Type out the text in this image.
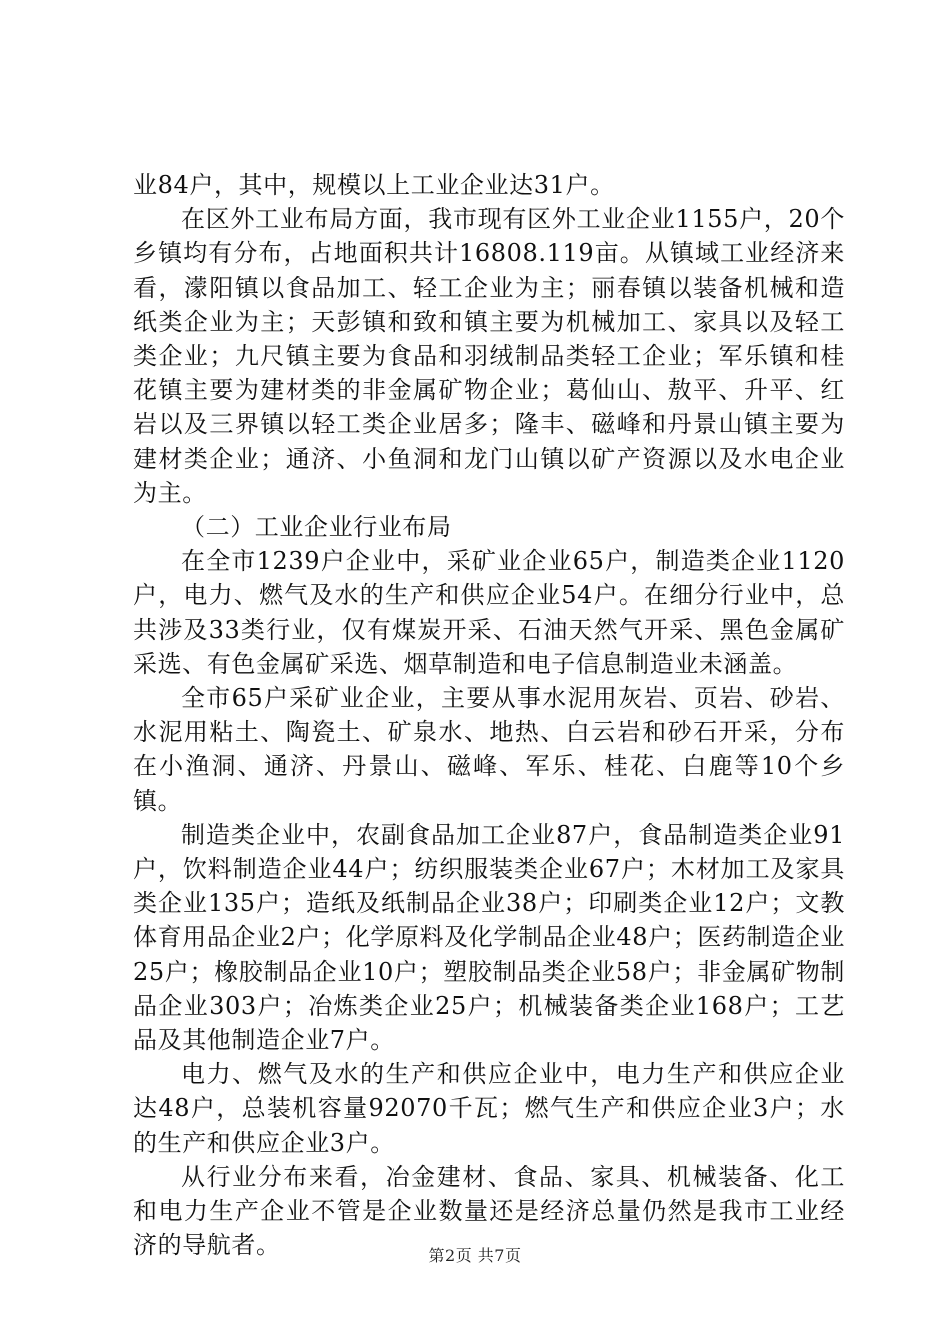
业84户，其中，规模以上工业企业达31户。

在区外工业布局方面，我市现有区外工业企业1155户，20个乡镇均有分布，占地面积共计16808.119亩。从镇域工业经济来看，濛阳镇以食品加工、轻工企业为主；丽春镇以装备机械和造纸类企业为主；天彭镇和致和镇主要为机械加工、家具以及轻工类企业；九尺镇主要为食品和羽绒制品类轻工企业；军乐镇和桂花镇主要为建材类的非金属矿物企业；葛仙山、敖平、升平、红岩以及三界镇以轻工类企业居多；隆丰、磁峰和丹景山镇主要为建材类企业；通济、小鱼洞和龙门山镇以矿产资源以及水电企业为主。

（二）工业企业行业布局

在全市1239户企业中，采矿业企业65户，制造类企业1120户，电力、燃气及水的生产和供应企业54户。在细分行业中，总共涉及33类行业，仅有煤炭开采、石油天然气开采、黑色金属矿采选、有色金属矿采选、烟草制造和电子信息制造业未涵盖。

全市65户采矿业企业，主要从事水泥用灰岩、页岩、砂岩、水泥用粘土、陶瓷土、矿泉水、地热、白云岩和砂石开采，分布在小渔洞、通济、丹景山、磁峰、军乐、桂花、白鹿等10个乡镇。

制造类企业中，农副食品加工企业87户，食品制造类企业91户，饮料制造企业44户；纺织服装类企业67户；木材加工及家具类企业135户；造纸及纸制品企业38户；印刷类企业12户；文教体育用品企业2户；化学原料及化学制品企业48户；医药制造企业25户；橡胶制品企业10户；塑胶制品类企业58户；非金属矿物制品企业303户；冶炼类企业25户；机械装备类企业168户；工艺品及其他制造企业7户。

电力、燃气及水的生产和供应企业中，电力生产和供应企业达48户，总装机容量92070千瓦；燃气生产和供应企业3户；水的生产和供应企业3户。

从行业分布来看，冶金建材、食品、家具、机械装备、化工和电力生产企业不管是企业数量还是经济总量仍然是我市工业经济的导航者。	第2页 共7页
